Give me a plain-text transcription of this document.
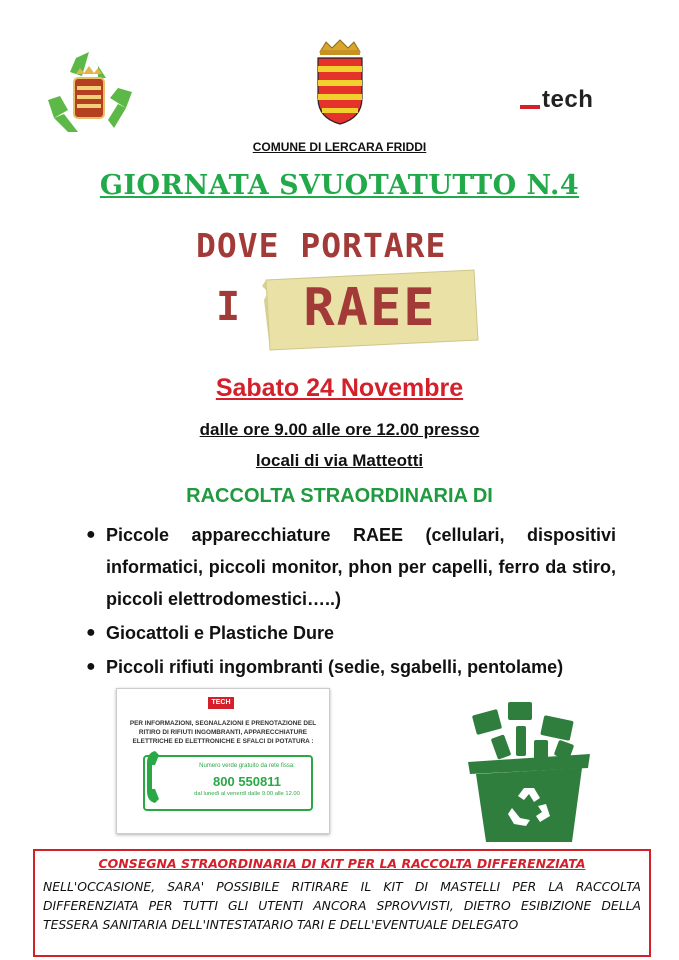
tech
COMUNE DI LERCARA FRIDDI
GIORNATA SVUOTATUTTO N.4
DOVE PORTARE
I	RAEE
Sabato 24 Novembre
dalle ore 9.00 alle ore 12.00 presso
locali di via Matteotti
RACCOLTA STRAORDINARIA DI
● Piccole apparecchiature RAEE (cellulari, dispositivi informatici, piccoli monitor, phon per capelli, ferro da stiro, piccoli elettrodomestici…..)
● Giocattoli e Plastiche Dure
● Piccoli rifiuti ingombranti (sedie, sgabelli, pentolame)
TECH
PER INFORMAZIONI, SEGNALAZIONI E PRENOTAZIONE DEL RITIRO DI RIFIUTI INGOMBRANTI, APPARECCHIATURE ELETTRICHE ED ELETTRONICHE E SFALCI DI POTATURA :
Numero verde gratuito da rete fissa:
800 550811
dal lunedì al venerdì dalle 9.00 alle 12.00
CONSEGNA STRAORDINARIA DI KIT PER LA RACCOLTA DIFFERENZIATA
NELL'OCCASIONE, SARA' POSSIBILE RITIRARE IL KIT DI MASTELLI PER LA RACCOLTA DIFFERENZIATA PER TUTTI GLI UTENTI ANCORA SPROVVISTI, DIETRO ESIBIZIONE DELLA TESSERA SANITARIA DELL'INTESTATARIO TARI E DELL'EVENTUALE DELEGATO
